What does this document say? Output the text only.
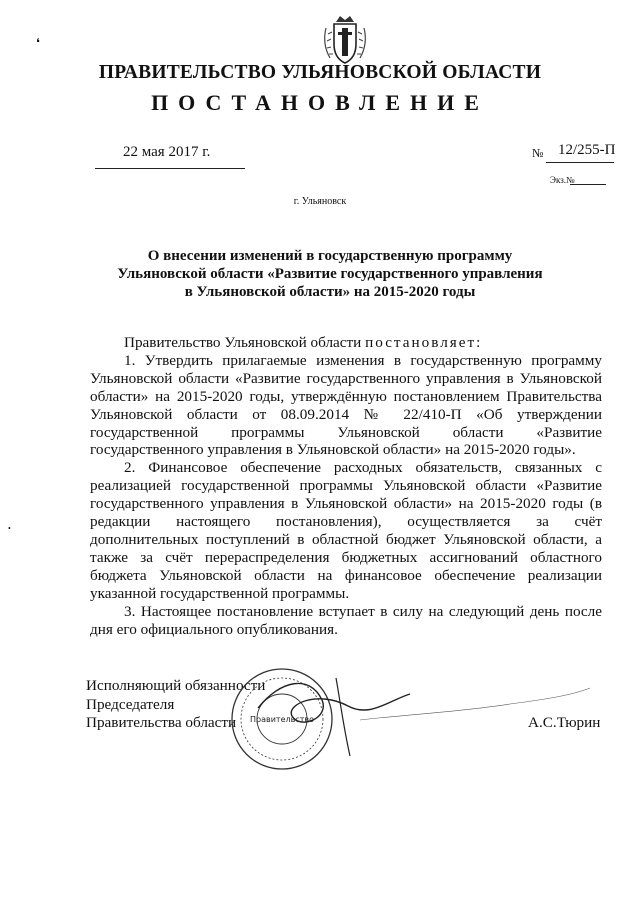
ПРАВИТЕЛЬСТВО УЛЬЯНОВСКОЙ ОБЛАСТИ
ПОСТАНОВЛЕНИЕ
22 мая 2017 г.	№ 12/255-П
Экз.№
г. Ульяновск
О внесении изменений в государственную программу
Ульяновской области «Развитие государственного управления
в Ульяновской области» на 2015-2020 годы

Правительство Ульяновской области постановляет:

1. Утвердить прилагаемые изменения в государственную программу Ульяновской области «Развитие государственного управления в Ульяновской области» на 2015-2020 годы, утверждённую постановлением Правительства Ульяновской области от 08.09.2014 № 22/410-П «Об утверждении государственной программы Ульяновской области «Развитие государственного управления в Ульяновской области» на 2015-2020 годы».

2. Финансовое обеспечение расходных обязательств, связанных с реализацией государственной программы Ульяновской области «Развитие государственного управления в Ульяновской области» на 2015-2020 годы (в редакции настоящего постановления), осуществляется за счёт дополнительных поступлений в областной бюджет Ульяновской области, а также за счёт перераспределения бюджетных ассигнований областного бюджета Ульяновской области на финансовое обеспечение реализации указанной государственной программы.

3. Настоящее постановление вступает в силу на следующий день после дня его официального опубликования.

Исполняющий обязанности
Председателя
Правительства области	Правительство	А.С.Тюрин
❛
•
